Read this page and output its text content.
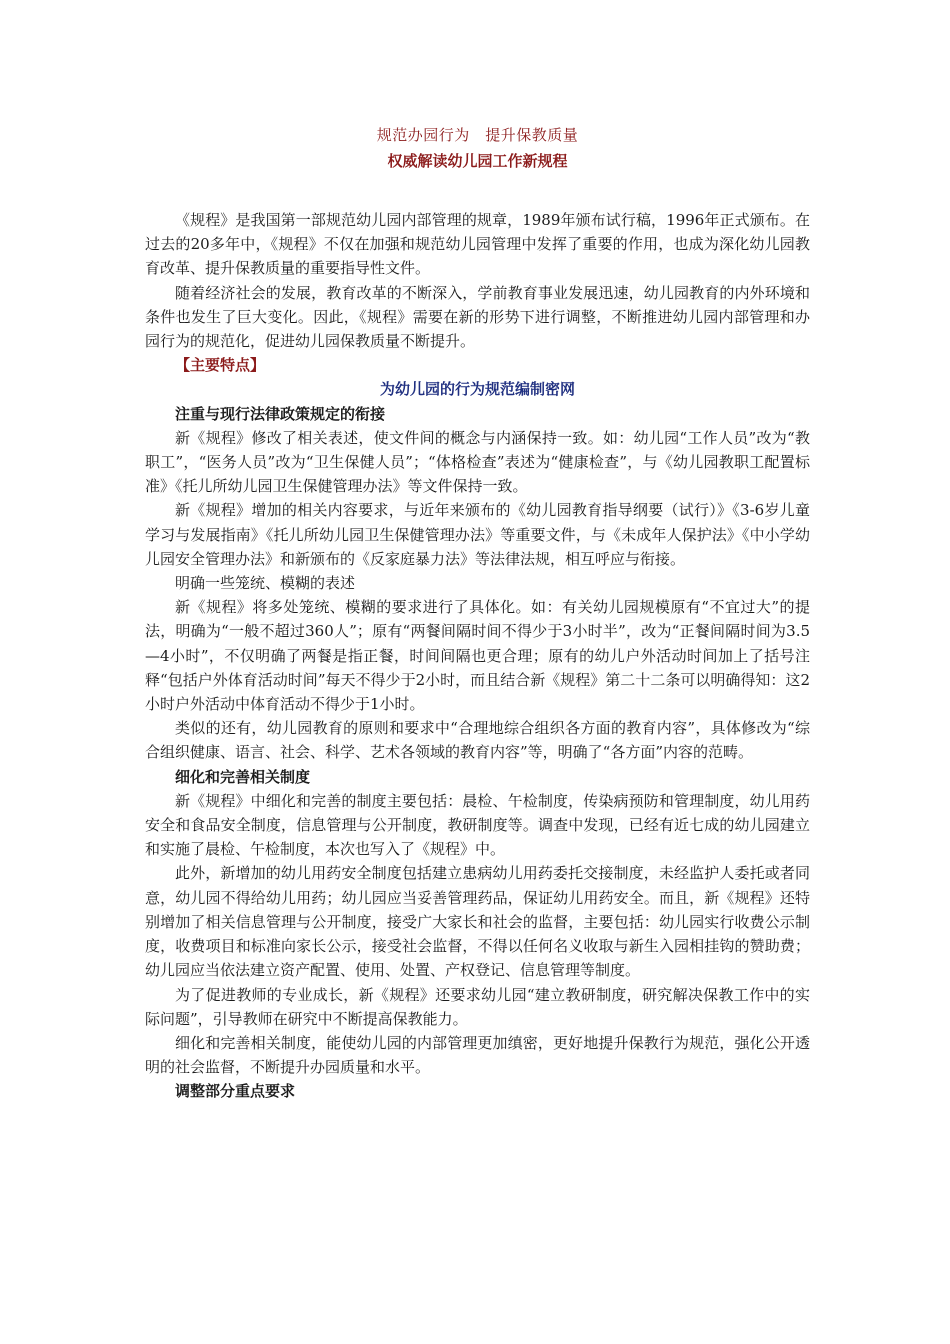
规范办园行为　提升保教质量
权威解读幼儿园工作新规程

《规程》是我国第一部规范幼儿园内部管理的规章，1989年颁布试行稿，1996年正式颁布。在过去的20多年中，《规程》不仅在加强和规范幼儿园管理中发挥了重要的作用，也成为深化幼儿园教育改革、提升保教质量的重要指导性文件。

随着经济社会的发展，教育改革的不断深入，学前教育事业发展迅速，幼儿园教育的内外环境和条件也发生了巨大变化。因此，《规程》需要在新的形势下进行调整，不断推进幼儿园内部管理和办园行为的规范化，促进幼儿园保教质量不断提升。

【主要特点】
为幼儿园的行为规范编制密网
注重与现行法律政策规定的衔接

新《规程》修改了相关表述，使文件间的概念与内涵保持一致。如：幼儿园“工作人员”改为“教职工”，“医务人员”改为“卫生保健人员”；“体格检查”表述为“健康检查”，与《幼儿园教职工配置标准》《托儿所幼儿园卫生保健管理办法》等文件保持一致。

新《规程》增加的相关内容要求，与近年来颁布的《幼儿园教育指导纲要（试行）》《3-6岁儿童学习与发展指南》《托儿所幼儿园卫生保健管理办法》等重要文件，与《未成年人保护法》《中小学幼儿园安全管理办法》和新颁布的《反家庭暴力法》等法律法规，相互呼应与衔接。

明确一些笼统、模糊的表述

新《规程》将多处笼统、模糊的要求进行了具体化。如：有关幼儿园规模原有“不宜过大”的提法，明确为“一般不超过360人”；原有“两餐间隔时间不得少于3小时半”，改为“正餐间隔时间为3.5—4小时”，不仅明确了两餐是指正餐，时间间隔也更合理；原有的幼儿户外活动时间加上了括号注释“包括户外体育活动时间”每天不得少于2小时，而且结合新《规程》第二十二条可以明确得知：这2小时户外活动中体育活动不得少于1小时。

类似的还有，幼儿园教育的原则和要求中“合理地综合组织各方面的教育内容”，具体修改为“综合组织健康、语言、社会、科学、艺术各领域的教育内容”等，明确了“各方面”内容的范畴。

细化和完善相关制度

新《规程》中细化和完善的制度主要包括：晨检、午检制度，传染病预防和管理制度，幼儿用药安全和食品安全制度，信息管理与公开制度，教研制度等。调查中发现，已经有近七成的幼儿园建立和实施了晨检、午检制度，本次也写入了《规程》中。

此外，新增加的幼儿用药安全制度包括建立患病幼儿用药委托交接制度，未经监护人委托或者同意，幼儿园不得给幼儿用药；幼儿园应当妥善管理药品，保证幼儿用药安全。而且，新《规程》还特别增加了相关信息管理与公开制度，接受广大家长和社会的监督，主要包括：幼儿园实行收费公示制度，收费项目和标准向家长公示，接受社会监督，不得以任何名义收取与新生入园相挂钩的赞助费；幼儿园应当依法建立资产配置、使用、处置、产权登记、信息管理等制度。

为了促进教师的专业成长，新《规程》还要求幼儿园“建立教研制度，研究解决保教工作中的实际问题”，引导教师在研究中不断提高保教能力。

细化和完善相关制度，能使幼儿园的内部管理更加缜密，更好地提升保教行为规范，强化公开透明的社会监督，不断提升办园质量和水平。

调整部分重点要求
